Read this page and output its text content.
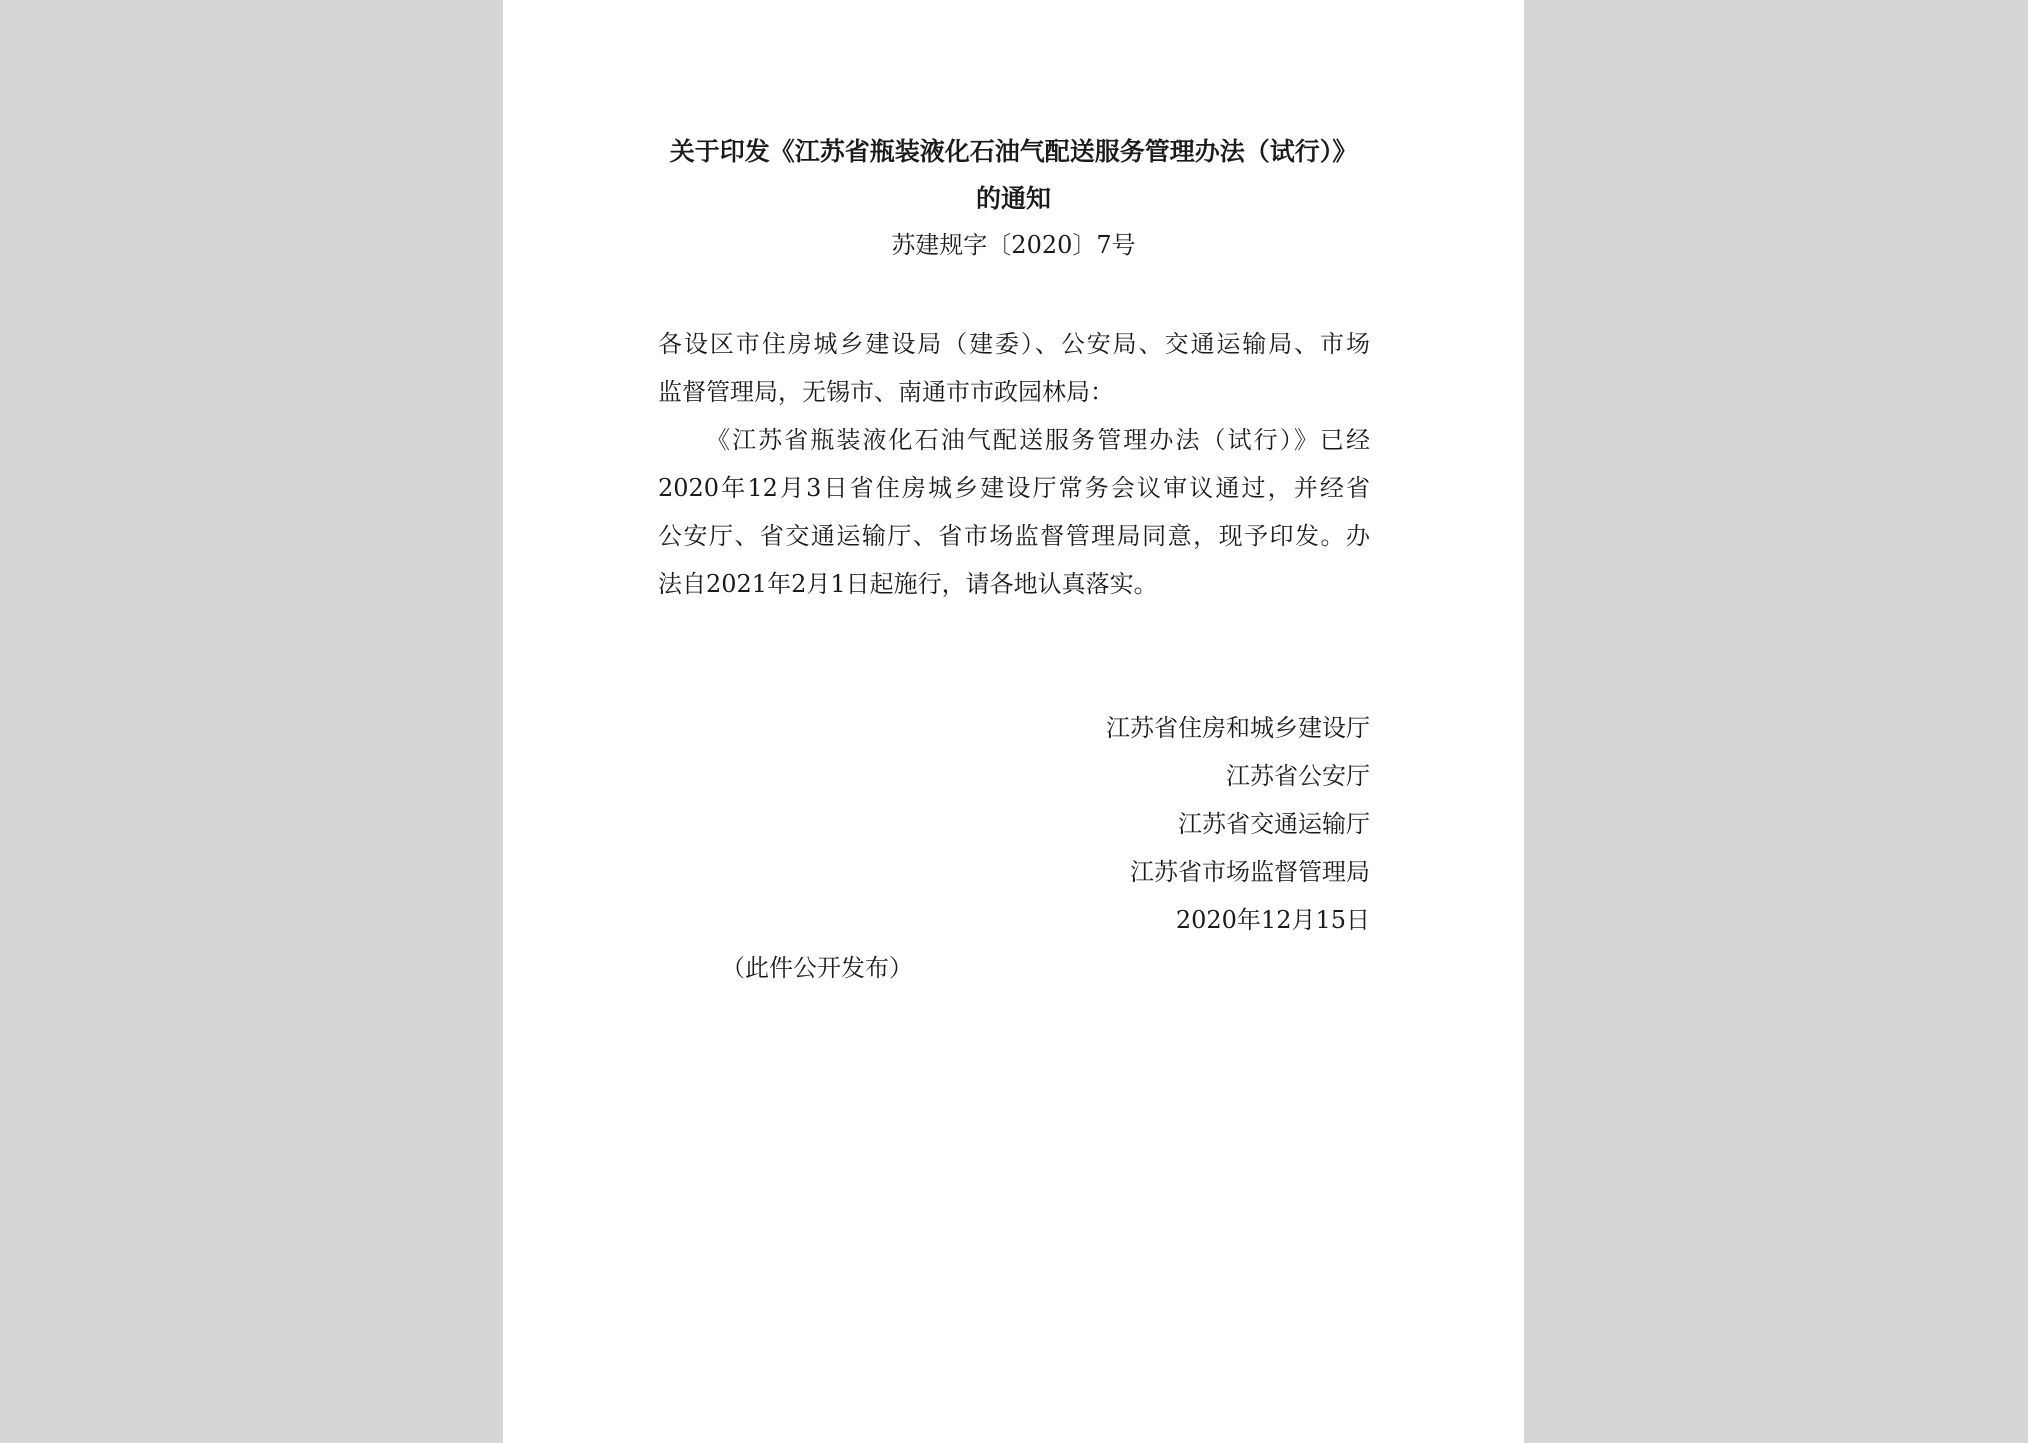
关于印发《江苏省瓶装液化石油气配送服务管理办法（试行）》
的通知
苏建规字〔2020〕7号
各设区市住房城乡建设局（建委）、公安局、交通运输局、市场
监督管理局，无锡市、南通市市政园林局：
《江苏省瓶装液化石油气配送服务管理办法（试行）》已经
2020年12月3日省住房城乡建设厅常务会议审议通过，并经省
公安厅、省交通运输厅、省市场监督管理局同意，现予印发。办
法自2021年2月1日起施行，请各地认真落实。
江苏省住房和城乡建设厅
江苏省公安厅
江苏省交通运输厅
江苏省市场监督管理局
2020年12月15日
（此件公开发布）
